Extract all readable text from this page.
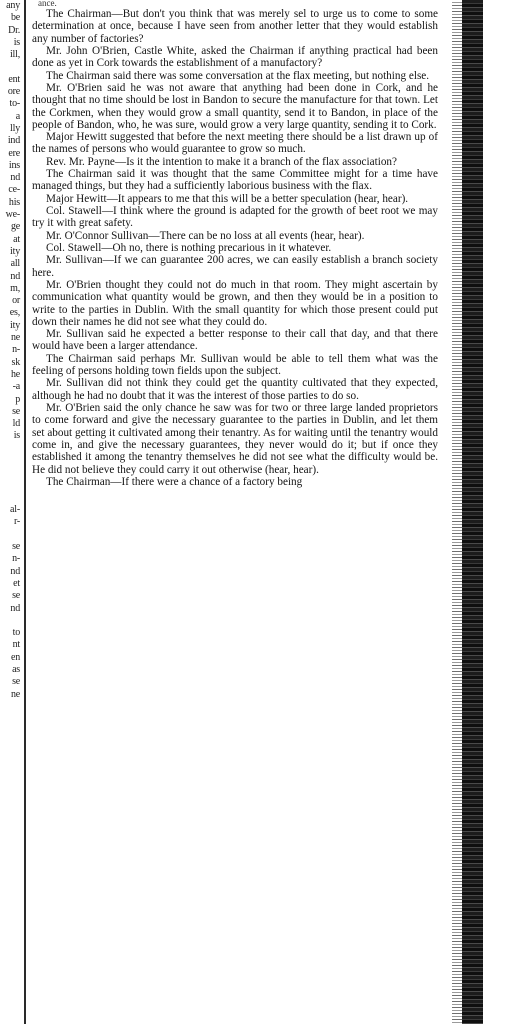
any
be
Dr.
is
ill,
ent
ore
to-
a
lly
ind
ere
ins
nd
ce-
his
we-
ge
at
ity
all
nd
m,
or
es,
ity
ne
n-
sk
he
-a
p
se
ld
is
al-
r-
se
n-
nd
et
se
nd
to
nt
en
as
se
ne
ance.

The Chairman—But don't you think that was merely sel to urge us to come to some determination at once, because I have seen from another letter that they would establish any number of factories?

Mr. John O'Brien, Castle White, asked the Chairman if anything practical had been done as yet in Cork towards the establishment of a manufactory?

The Chairman said there was some conversation at the flax meeting, but nothing else.

Mr. O'Brien said he was not aware that anything had been done in Cork, and he thought that no time should be lost in Bandon to secure the manufacture for that town. Let the Corkmen, when they would grow a small quantity, send it to Bandon, in place of the people of Bandon, who, he was sure, would grow a very large quantity, sending it to Cork.

Major Hewitt suggested that before the next meeting there should be a list drawn up of the names of persons who would guarantee to grow so much.

Rev. Mr. Payne—Is it the intention to make it a branch of the flax association?

The Chairman said it was thought that the same Committee might for a time have managed things, but they had a sufficiently laborious business with the flax.

Major Hewitt—It appears to me that this will be a better speculation (hear, hear).

Col. Stawell—I think where the ground is adapted for the growth of beet root we may try it with great safety.

Mr. O'Connor Sullivan—There can be no loss at all events (hear, hear).

Col. Stawell—Oh no, there is nothing precarious in it whatever.

Mr. Sullivan—If we can guarantee 200 acres, we can easily establish a branch society here.

Mr. O'Brien thought they could not do much in that room. They might ascertain by communication what quantity would be grown, and then they would be in a position to write to the parties in Dublin. With the small quantity for which those present could put down their names he did not see what they could do.

Mr. Sullivan said he expected a better response to their call that day, and that there would have been a larger attendance.

The Chairman said perhaps Mr. Sullivan would be able to tell them what was the feeling of persons holding town fields upon the subject.

Mr. Sullivan did not think they could get the quantity cultivated that they expected, although he had no doubt that it was the interest of those parties to do so.

Mr. O'Brien said the only chance he saw was for two or three large landed proprietors to come forward and give the necessary guarantee to the parties in Dublin, and let them set about getting it cultivated among their tenantry. As for waiting until the tenantry would come in, and give the necessary guarantees, they never would do it; but if once they established it among the tenantry themselves he did not see what the difficulty would be. He did not believe they could carry it out otherwise (hear, hear).

The Chairman—If there were a chance of a factory being
